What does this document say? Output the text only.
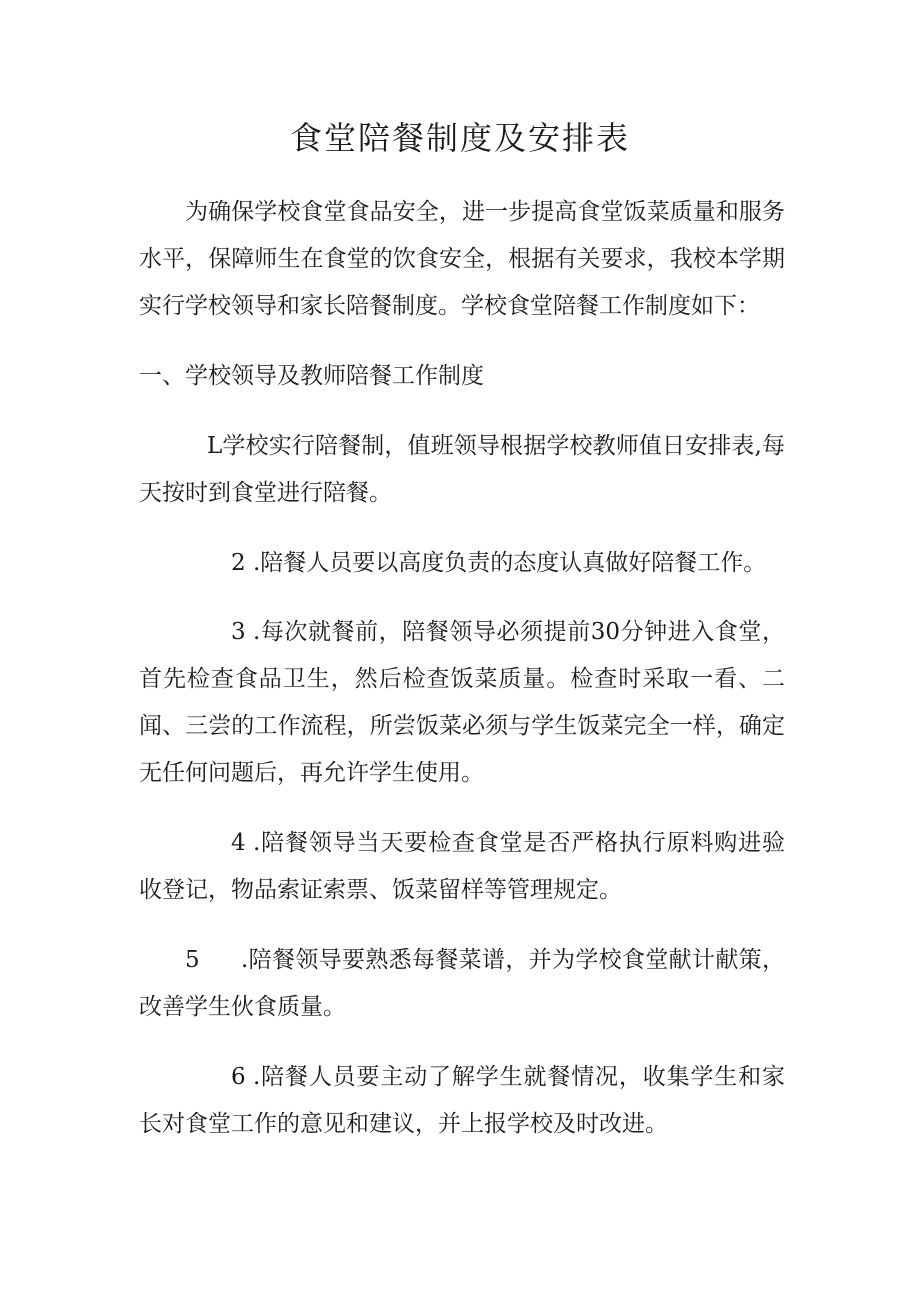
食堂陪餐制度及安排表

为确保学校食堂食品安全，进一步提高食堂饭菜质量和服务水平，保障师生在食堂的饮食安全，根据有关要求，我校本学期实行学校领导和家长陪餐制度。学校食堂陪餐工作制度如下：

一、学校领导及教师陪餐工作制度

L学校实行陪餐制，值班领导根据学校教师值日安排表,每天按时到食堂进行陪餐。

2 .陪餐人员要以高度负责的态度认真做好陪餐工作。

3 .每次就餐前，陪餐领导必须提前30分钟进入食堂，首先检查食品卫生，然后检查饭菜质量。检查时采取一看、二闻、三尝的工作流程，所尝饭菜必须与学生饭菜完全一样，确定无任何问题后，再允许学生使用。

4 .陪餐领导当天要检查食堂是否严格执行原料购进验收登记，物品索证索票、饭菜留样等管理规定。

5 .陪餐领导要熟悉每餐菜谱，并为学校食堂献计献策，改善学生伙食质量。

6 .陪餐人员要主动了解学生就餐情况，收集学生和家长对食堂工作的意见和建议，并上报学校及时改进。
